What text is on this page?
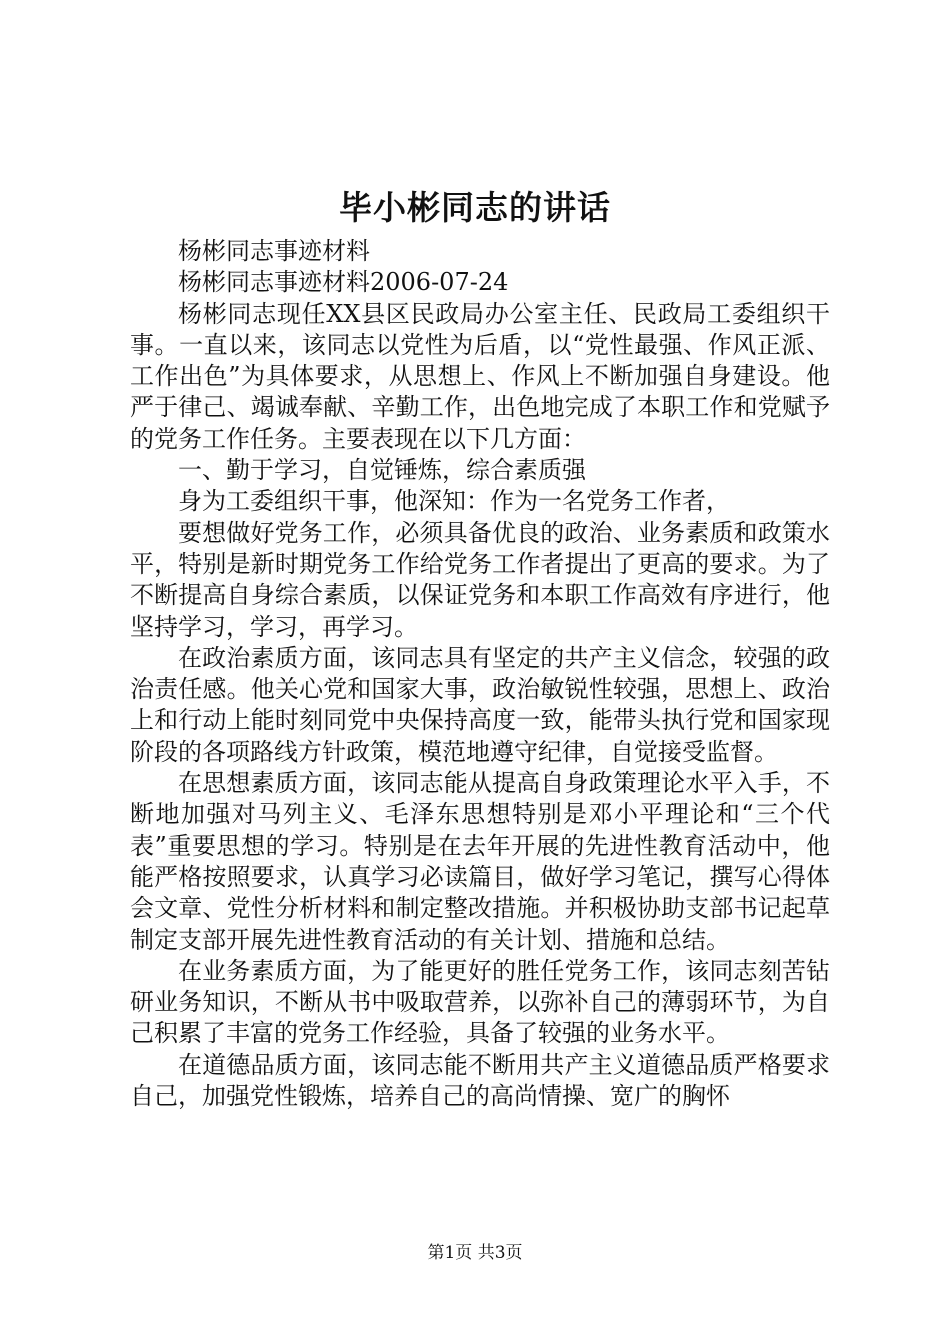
毕小彬同志的讲话

杨彬同志事迹材料

杨彬同志事迹材料2006-07-24

杨彬同志现任XX县区民政局办公室主任、民政局工委组织干事。一直以来，该同志以党性为后盾，以“党性最强、作风正派、工作出色”为具体要求，从思想上、作风上不断加强自身建设。他严于律己、竭诚奉献、辛勤工作，出色地完成了本职工作和党赋予的党务工作任务。主要表现在以下几方面：

一、勤于学习，自觉锤炼，综合素质强

身为工委组织干事，他深知：作为一名党务工作者，

要想做好党务工作，必须具备优良的政治、业务素质和政策水平，特别是新时期党务工作给党务工作者提出了更高的要求。为了不断提高自身综合素质，以保证党务和本职工作高效有序进行，他坚持学习，学习，再学习。

在政治素质方面，该同志具有坚定的共产主义信念，较强的政治责任感。他关心党和国家大事，政治敏锐性较强，思想上、政治上和行动上能时刻同党中央保持高度一致，能带头执行党和国家现阶段的各项路线方针政策，模范地遵守纪律，自觉接受监督。

在思想素质方面，该同志能从提高自身政策理论水平入手，不断地加强对马列主义、毛泽东思想特别是邓小平理论和“三个代表”重要思想的学习。特别是在去年开展的先进性教育活动中，他能严格按照要求，认真学习必读篇目，做好学习笔记，撰写心得体会文章、党性分析材料和制定整改措施。并积极协助支部书记起草制定支部开展先进性教育活动的有关计划、措施和总结。

在业务素质方面，为了能更好的胜任党务工作，该同志刻苦钻研业务知识，不断从书中吸取营养，以弥补自己的薄弱环节，为自己积累了丰富的党务工作经验，具备了较强的业务水平。

在道德品质方面，该同志能不断用共产主义道德品质严格要求自己，加强党性锻炼，培养自己的高尚情操、宽广的胸怀

第1页 共3页
